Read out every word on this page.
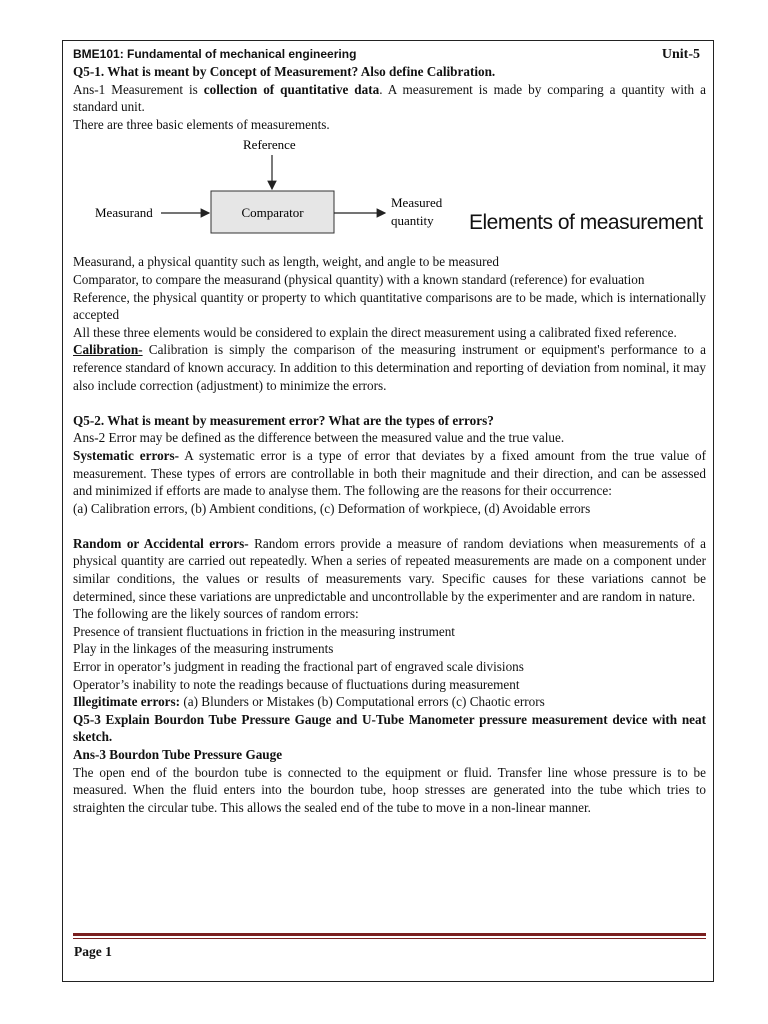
BME101: Fundamental of mechanical engineering	Unit-5

Q5-1. What is meant by Concept of Measurement? Also define Calibration.

Ans-1 Measurement is collection of quantitative data. A measurement is made by comparing a quantity with a standard unit.

There are three basic elements of measurements.

Reference
Comparator
Measurand
Measured
quantity Elements of measurement

Measurand, a physical quantity such as length, weight, and angle to be measured

Comparator, to compare the measurand (physical quantity) with a known standard (reference) for evaluation

Reference, the physical quantity or property to which quantitative comparisons are to be made, which is internationally accepted

All these three elements would be considered to explain the direct measurement using a calibrated fixed reference.

Calibration- Calibration is simply the comparison of the measuring instrument or equipment's performance to a reference standard of known accuracy. In addition to this determination and reporting of deviation from nominal, it may also include correction (adjustment) to minimize the errors.

Q5-2. What is meant by measurement error? What are the types of errors?

Ans-2 Error may be defined as the difference between the measured value and the true value.

Systematic errors- A systematic error is a type of error that deviates by a fixed amount from the true value of measurement. These types of errors are controllable in both their magnitude and their direction, and can be assessed and minimized if efforts are made to analyse them. The following are the reasons for their occurrence:

(a) Calibration errors, (b) Ambient conditions, (c) Deformation of workpiece, (d) Avoidable errors

Random or Accidental errors- Random errors provide a measure of random deviations when measurements of a physical quantity are carried out repeatedly. When a series of repeated measurements are made on a component under similar conditions, the values or results of measurements vary. Specific causes for these variations cannot be determined, since these variations are unpredictable and uncontrollable by the experimenter and are random in nature.

The following are the likely sources of random errors:

Presence of transient fluctuations in friction in the measuring instrument

Play in the linkages of the measuring instruments

Error in operator’s judgment in reading the fractional part of engraved scale divisions

Operator’s inability to note the readings because of fluctuations during measurement

Illegitimate errors: (a) Blunders or Mistakes (b) Computational errors (c) Chaotic errors

Q5-3 Explain Bourdon Tube Pressure Gauge and U-Tube Manometer pressure measurement device with neat sketch.

Ans-3 Bourdon Tube Pressure Gauge

The open end of the bourdon tube is connected to the equipment or fluid. Transfer line whose pressure is to be measured. When the fluid enters into the bourdon tube, hoop stresses are generated into the tube which tries to straighten the circular tube. This allows the sealed end of the tube to move in a non-linear manner.

Page 1
